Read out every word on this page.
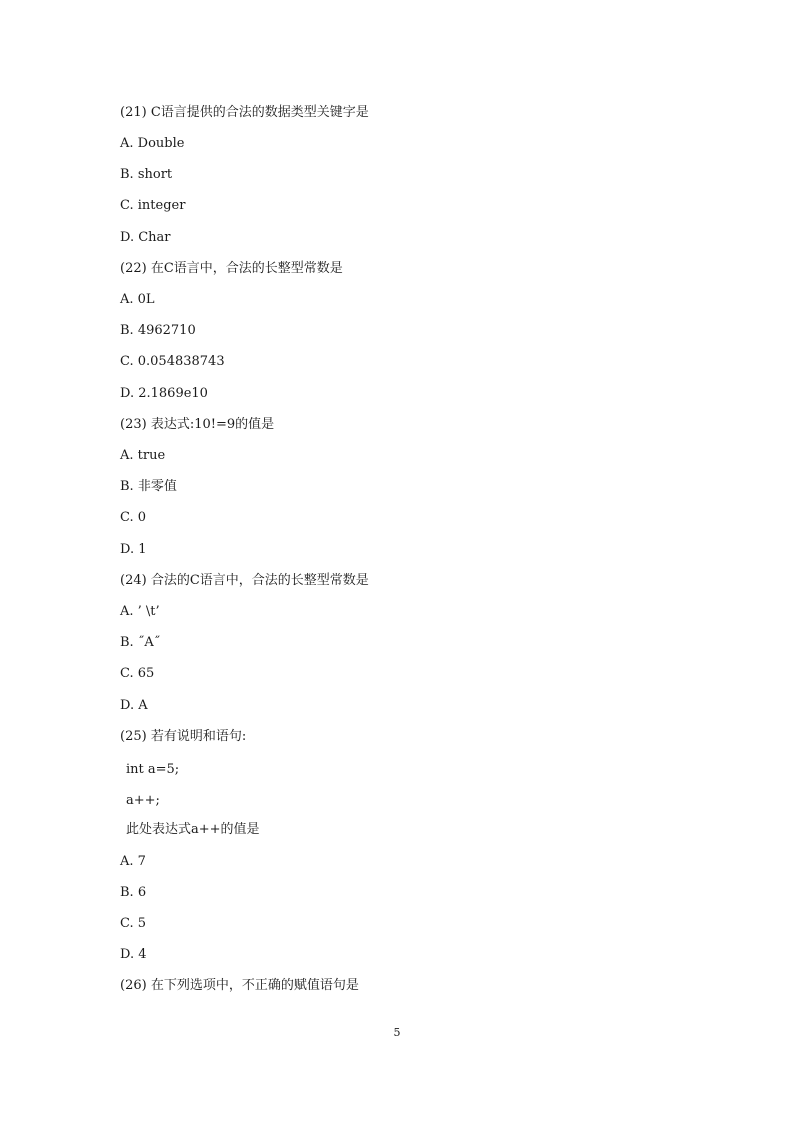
(21) C语言提供的合法的数据类型关键字是
A. Double
B. short
C. integer
D. Char
(22) 在C语言中，合法的长整型常数是
A. 0L
B. 4962710
C. 0.054838743
D. 2.1869e10
(23) 表达式:10!=9的值是
A. true
B. 非零值
C. 0
D. 1
(24) 合法的C语言中，合法的长整型常数是
A. ’ \t’
B. ˝A˝
C. 65
D. A
(25) 若有说明和语句:
int a=5;
a++;
此处表达式a++的值是
A. 7
B. 6
C. 5
D. 4
(26) 在下列选项中，不正确的赋值语句是
5
